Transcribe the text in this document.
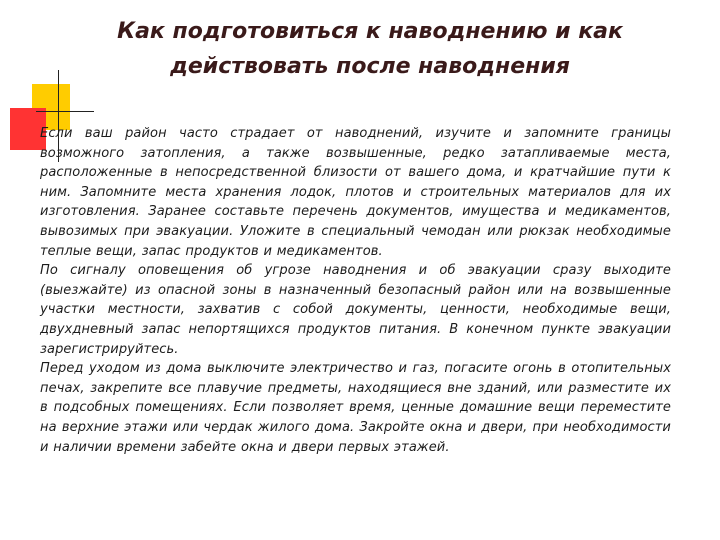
Как подготовиться к наводнению и как
действовать после наводнения

Если ваш район часто страдает от наводнений, изучите и запомните границы возможного затопления, а также возвышенные, редко затапливаемые места, расположенные в непосредственной близости от вашего дома, и кратчайшие пути к ним. Запомните места хранения лодок, плотов и строительных материалов для их изготовления. Заранее составьте перечень документов, имущества и медикаментов, вывозимых при эвакуации. Уложите в специальный чемодан или рюкзак необходимые теплые вещи, запас продуктов и медикаментов.

По сигналу оповещения об угрозе наводнения и об эвакуации сразу выходите (выезжайте) из опасной зоны в назначенный безопасный район или на возвышенные участки местности, захватив с собой документы, ценности, необходимые вещи, двухдневный запас непортящихся продуктов питания. В конечном пункте эвакуации зарегистрируйтесь.

Перед уходом из дома выключите электричество и газ, погасите огонь в отопительных печах, закрепите все плавучие предметы, находящиеся вне зданий, или разместите их в подсобных помещениях. Если позволяет время, ценные домашние вещи переместите на верхние этажи или чердак жилого дома. Закройте окна и двери, при необходимости и наличии времени забейте окна и двери первых этажей.
